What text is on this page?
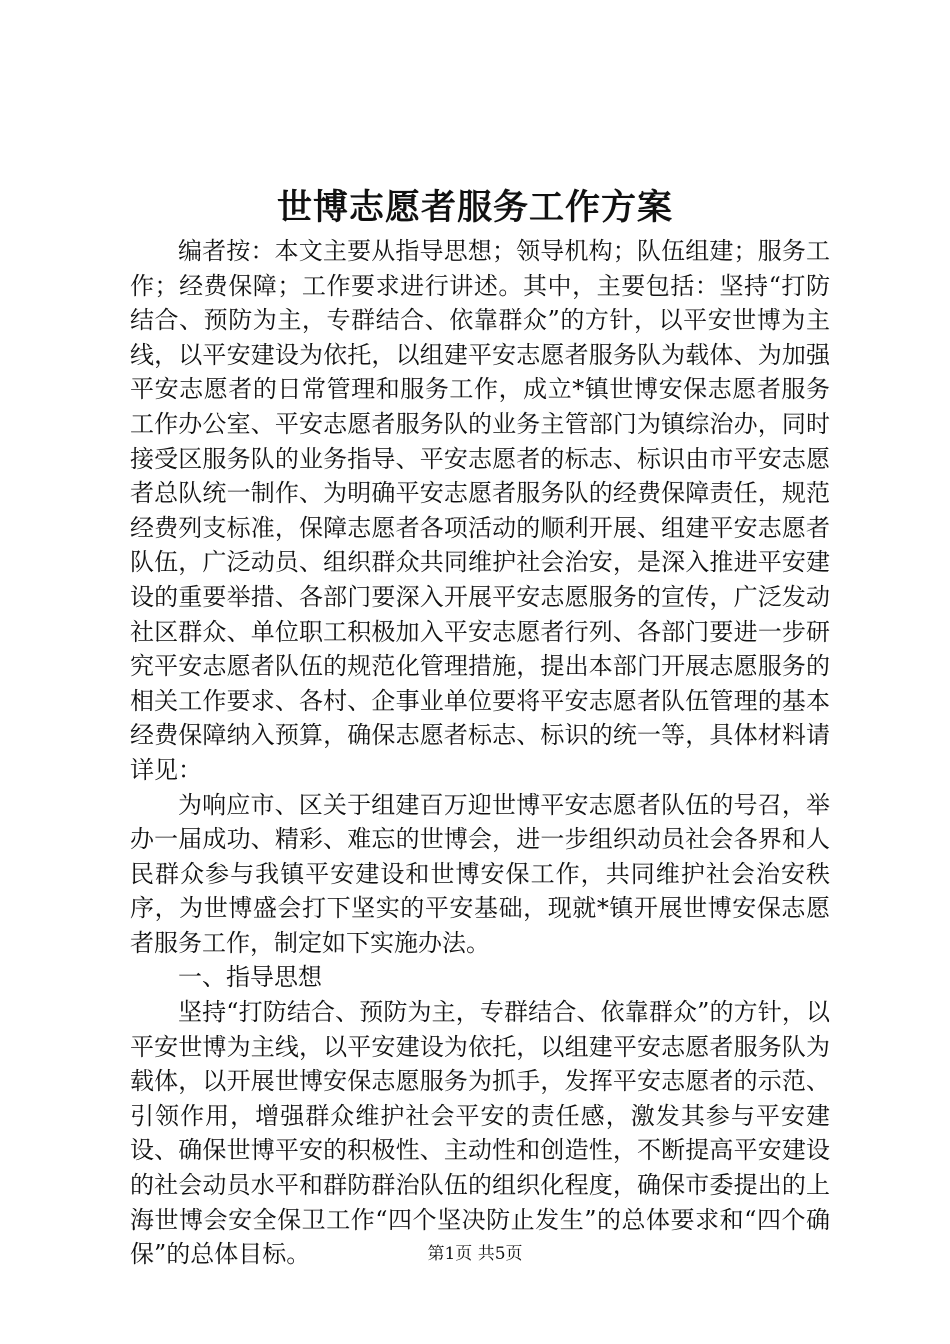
世博志愿者服务工作方案

编者按：本文主要从指导思想；领导机构；队伍组建；服务工作；经费保障；工作要求进行讲述。其中，主要包括：坚持“打防结合、预防为主，专群结合、依靠群众”的方针，以平安世博为主线，以平安建设为依托，以组建平安志愿者服务队为载体、为加强平安志愿者的日常管理和服务工作，成立*镇世博安保志愿者服务工作办公室、平安志愿者服务队的业务主管部门为镇综治办，同时接受区服务队的业务指导、平安志愿者的标志、标识由市平安志愿者总队统一制作、为明确平安志愿者服务队的经费保障责任，规范经费列支标准，保障志愿者各项活动的顺利开展、组建平安志愿者队伍，广泛动员、组织群众共同维护社会治安，是深入推进平安建设的重要举措、各部门要深入开展平安志愿服务的宣传，广泛发动社区群众、单位职工积极加入平安志愿者行列、各部门要进一步研究平安志愿者队伍的规范化管理措施，提出本部门开展志愿服务的相关工作要求、各村、企事业单位要将平安志愿者队伍管理的基本经费保障纳入预算，确保志愿者标志、标识的统一等，具体材料请详见：

为响应市、区关于组建百万迎世博平安志愿者队伍的号召，举办一届成功、精彩、难忘的世博会，进一步组织动员社会各界和人民群众参与我镇平安建设和世博安保工作，共同维护社会治安秩序，为世博盛会打下坚实的平安基础，现就*镇开展世博安保志愿者服务工作，制定如下实施办法。

一、指导思想

坚持“打防结合、预防为主，专群结合、依靠群众”的方针，以平安世博为主线，以平安建设为依托，以组建平安志愿者服务队为载体，以开展世博安保志愿服务为抓手，发挥平安志愿者的示范、引领作用，增强群众维护社会平安的责任感，激发其参与平安建设、确保世博平安的积极性、主动性和创造性，不断提高平安建设的社会动员水平和群防群治队伍的组织化程度，确保市委提出的上海世博会安全保卫工作“四个坚决防止发生”的总体要求和“四个确保”的总体目标。	第1页 共5页
